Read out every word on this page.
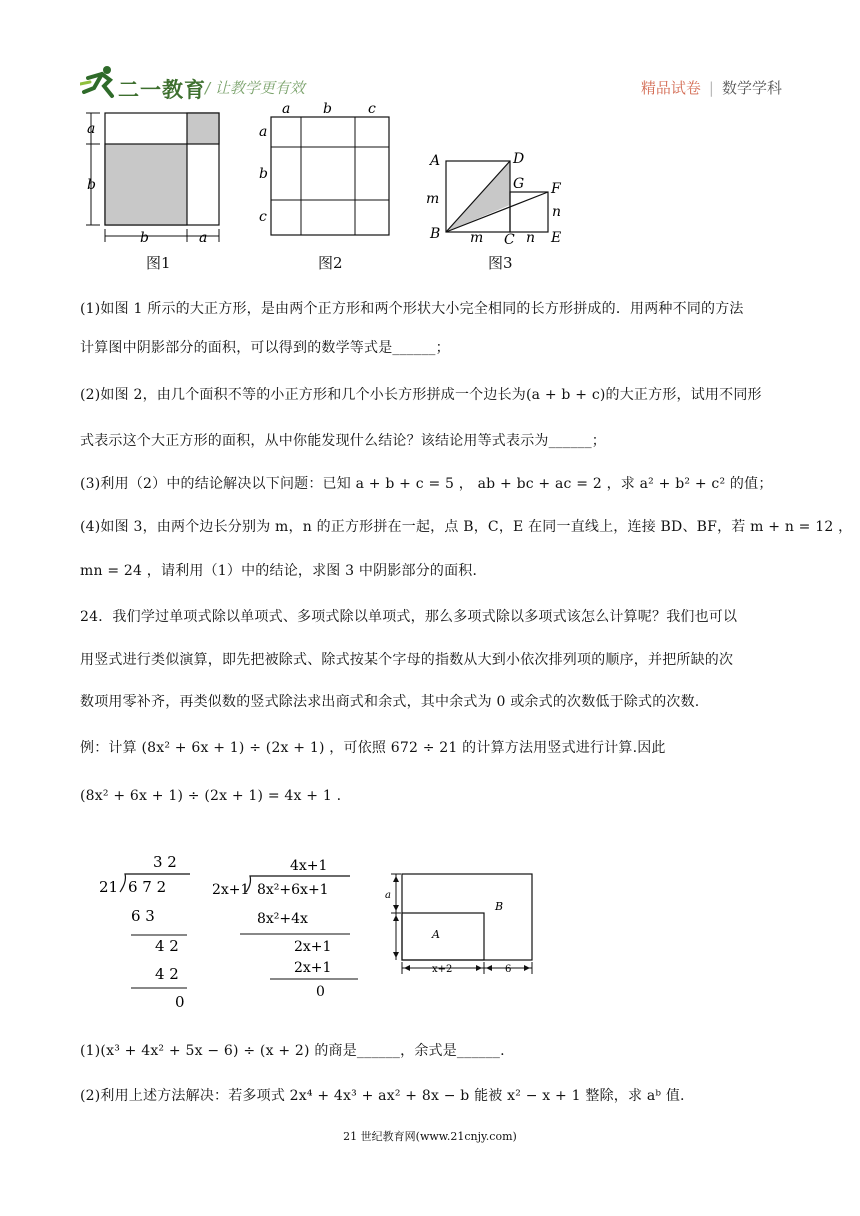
二一教育 / 让教学更有效	精品试卷 | 数学学科
a
b
b	a
图1
a b	c
a
b
c
图2
A	D
G F
m
n
B m C n E
图3
(1)如图 1 所示的大正方形，是由两个正方形和两个形状大小完全相同的长方形拼成的．用两种不同的方法
计算图中阴影部分的面积，可以得到的数学等式是______；
(2)如图 2，由几个面积不等的小正方形和几个小长方形拼成一个边长为(a + b + c)的大正方形，试用不同形
式表示这个大正方形的面积，从中你能发现什么结论？该结论用等式表示为______；
(3)利用（2）中的结论解决以下问题：已知 a + b + c = 5 ， ab + bc + ac = 2 ，求 a² + b² + c² 的值；
(4)如图 3，由两个边长分别为 m，n 的正方形拼在一起，点 B，C，E 在同一直线上，连接 BD、BF，若 m + n = 12 ，
mn = 24 ，请利用（1）中的结论，求图 3 中阴影部分的面积．
24．我们学过单项式除以单项式、多项式除以单项式，那么多项式除以多项式该怎么计算呢？我们也可以
用竖式进行类似演算，即先把被除式、除式按某个字母的指数从大到小依次排列项的顺序，并把所缺的次
数项用零补齐，再类似数的竖式除法求出商式和余式，其中余式为 0 或余式的次数低于除式的次数.
例：计算 (8x² + 6x + 1) ÷ (2x + 1) ，可依照 672 ÷ 21 的计算方法用竖式进行计算.因此
(8x² + 6x + 1) ÷ (2x + 1) = 4x + 1 .
3 2
21 6 7 2
6 3
4 2
4 2
0
4x+1
2x+1 8x²+6x+1
8x²+4x
2x+1
2x+1
0
a
B
A
x+2	6
(1)(x³ + 4x² + 5x − 6) ÷ (x + 2) 的商是______，余式是______.
(2)利用上述方法解决：若多项式 2x⁴ + 4x³ + ax² + 8x − b 能被 x² − x + 1 整除，求 aᵇ 值.
21 世纪教育网(www.21cnjy.com)
